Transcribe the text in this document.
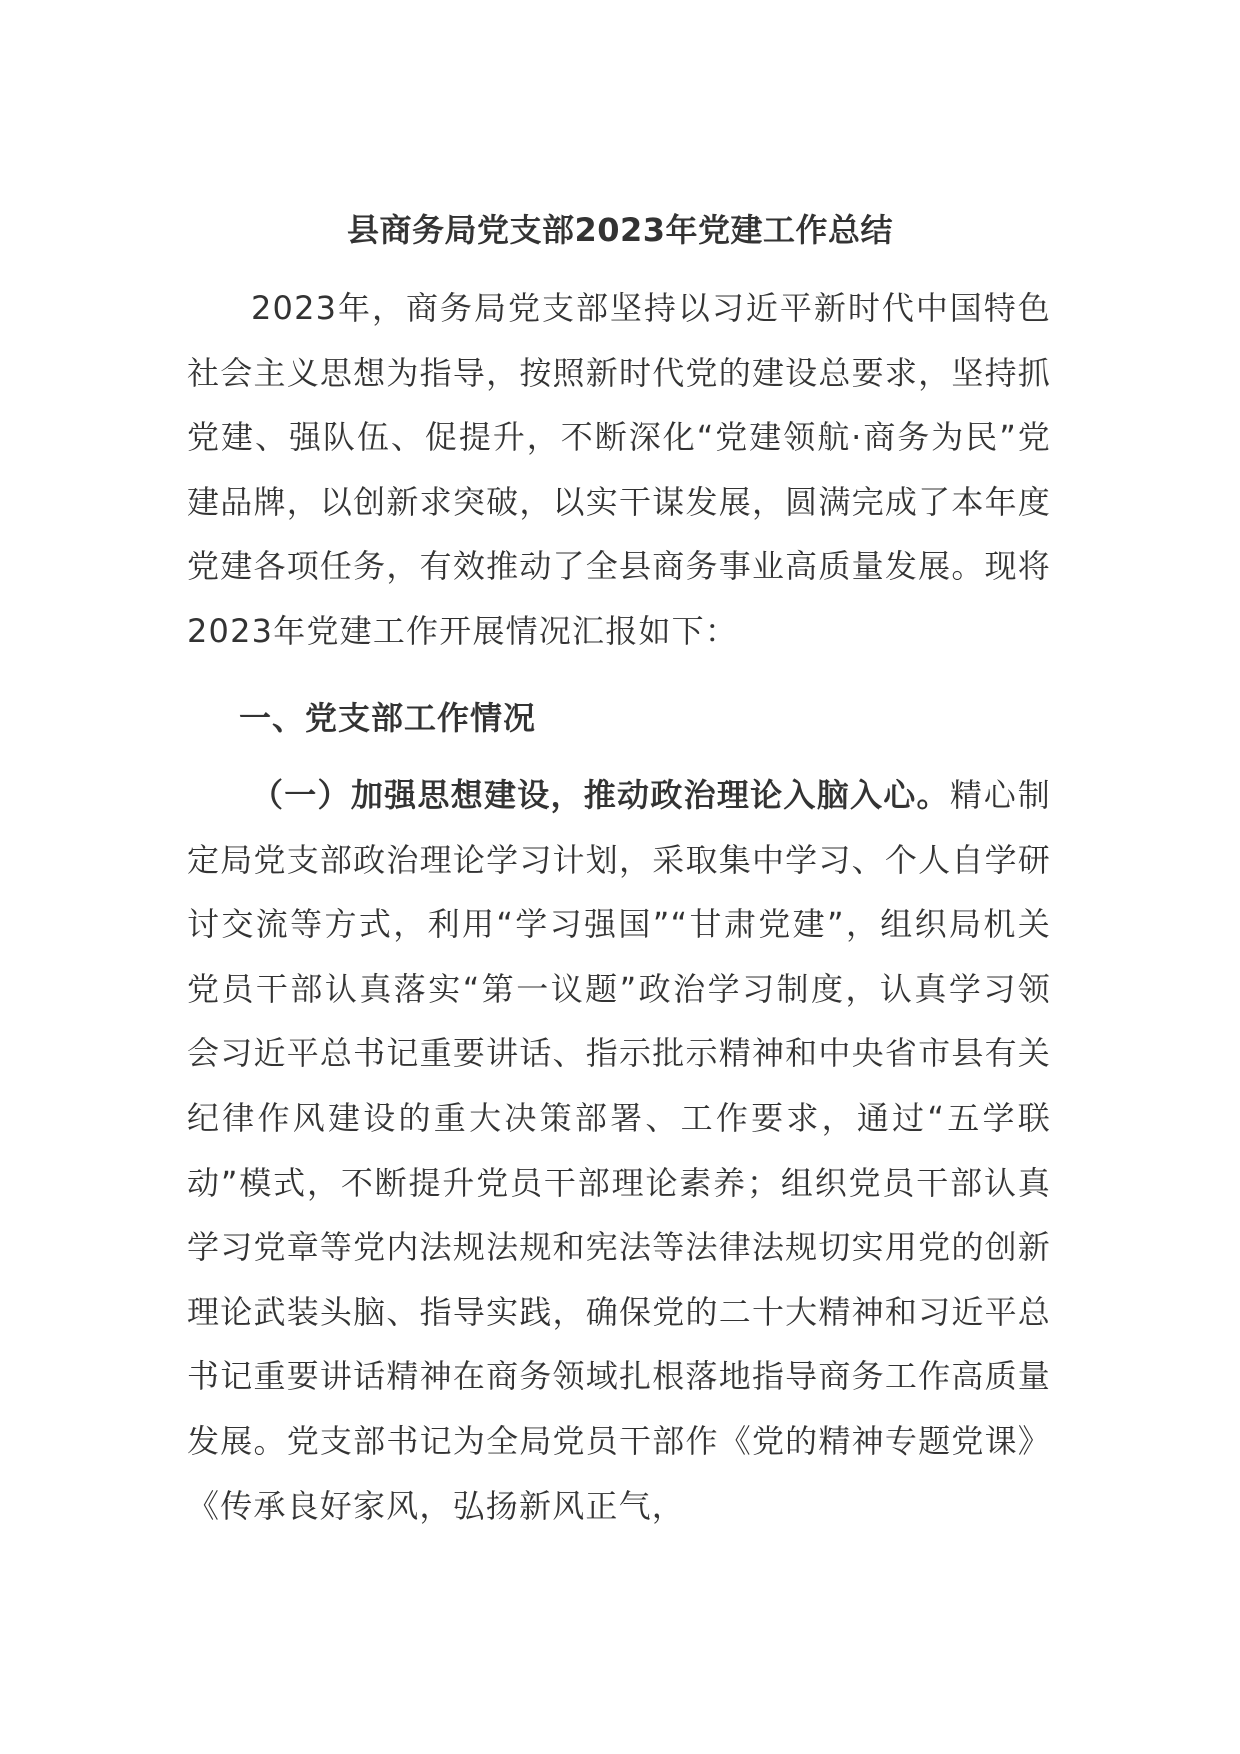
县商务局党支部2023年党建工作总结

2023年，商务局党支部坚持以习近平新时代中国特色社会主义思想为指导，按照新时代党的建设总要求，坚持抓党建、强队伍、促提升，不断深化“党建领航·商务为民”党建品牌，以创新求突破，以实干谋发展，圆满完成了本年度党建各项任务，有效推动了全县商务事业高质量发展。现将2023年党建工作开展情况汇报如下：

一、党支部工作情况

（一）加强思想建设，推动政治理论入脑入心。精心制定局党支部政治理论学习计划，采取集中学习、个人自学研讨交流等方式，利用“学习强国”“甘肃党建”，组织局机关党员干部认真落实“第一议题”政治学习制度，认真学习领会习近平总书记重要讲话、指示批示精神和中央省市县有关纪律作风建设的重大决策部署、工作要求，通过“五学联动”模式，不断提升党员干部理论素养；组织党员干部认真学习党章等党内法规法规和宪法等法律法规切实用党的创新理论武装头脑、指导实践，确保党的二十大精神和习近平总书记重要讲话精神在商务领域扎根落地指导商务工作高质量发展。党支部书记为全局党员干部作《党的精神专题党课》《传承良好家风，弘扬新风正气，
